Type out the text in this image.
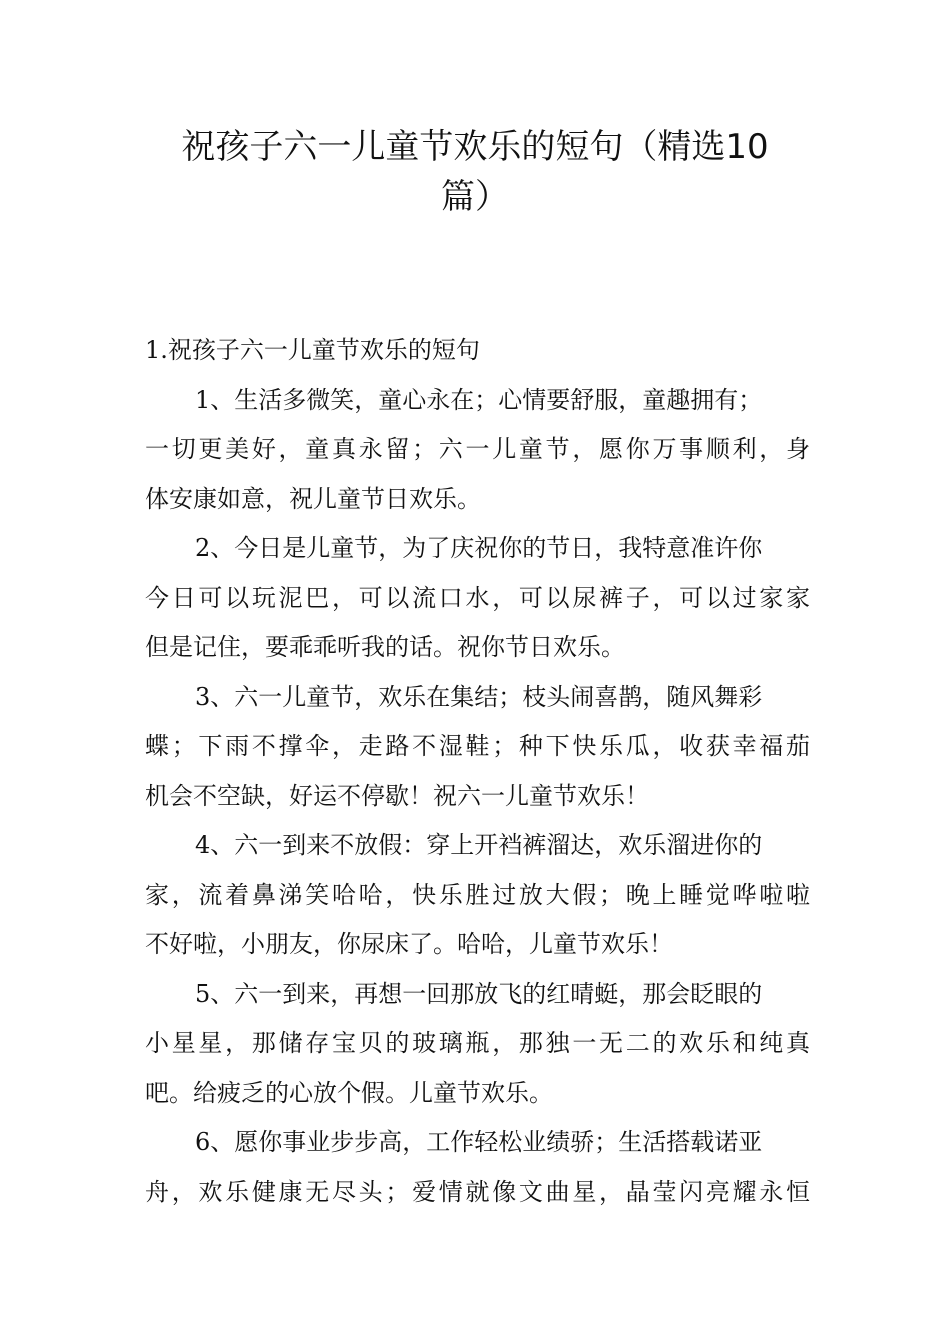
祝孩子六一儿童节欢乐的短句（精选10
篇）
1.祝孩子六一儿童节欢乐的短句
1、生活多微笑，童心永在；心情要舒服，童趣拥有；
一切更美好，童真永留；六一儿童节，愿你万事顺利，身
体安康如意，祝儿童节日欢乐。
2、今日是儿童节，为了庆祝你的节日，我特意准许你
今日可以玩泥巴，可以流口水，可以尿裤子，可以过家家
但是记住，要乖乖听我的话。祝你节日欢乐。
3、六一儿童节，欢乐在集结；枝头闹喜鹊，随风舞彩
蝶；下雨不撑伞，走路不湿鞋；种下快乐瓜，收获幸福茄
机会不空缺，好运不停歇！祝六一儿童节欢乐！
4、六一到来不放假：穿上开裆裤溜达，欢乐溜进你的
家，流着鼻涕笑哈哈，快乐胜过放大假；晚上睡觉哗啦啦
不好啦，小朋友，你尿床了。哈哈，儿童节欢乐！
5、六一到来，再想一回那放飞的红晴蜓，那会眨眼的
小星星，那储存宝贝的玻璃瓶，那独一无二的欢乐和纯真
吧。给疲乏的心放个假。儿童节欢乐。
6、愿你事业步步高，工作轻松业绩骄；生活搭载诺亚
舟，欢乐健康无尽头；爱情就像文曲星，晶莹闪亮耀永恒
